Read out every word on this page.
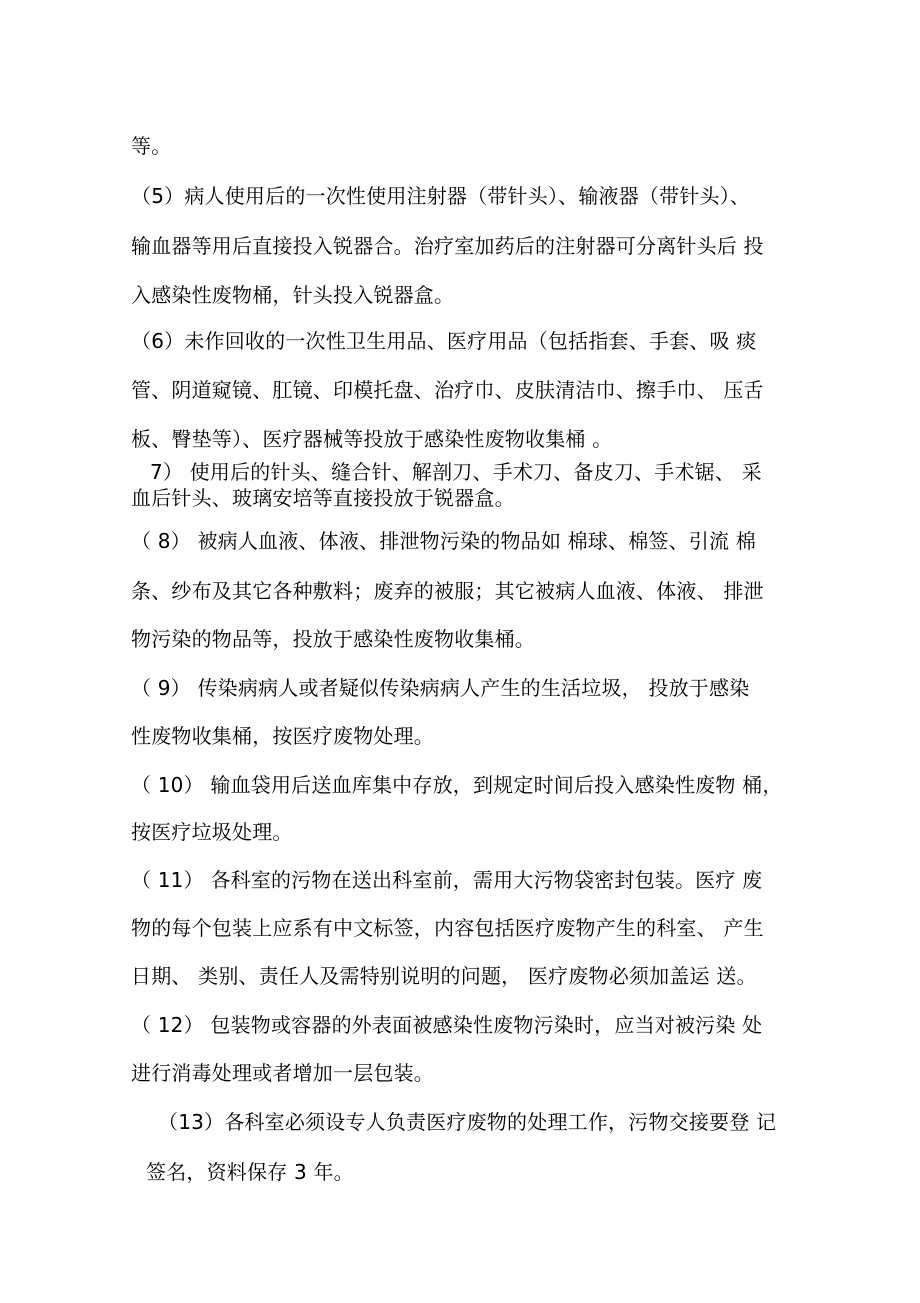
等。
（5）病人使用后的一次性使用注射器（带针头）、输液器（带针头）、
输血器等用后直接投入锐器合。治疗室加药后的注射器可分离针头后 投
入感染性废物桶，针头投入锐器盒。
（6）未作回收的一次性卫生用品、医疗用品（包括指套、手套、吸 痰
管、阴道窥镜、肛镜、印模托盘、治疗巾、皮肤清洁巾、擦手巾、 压舌
板、臀垫等）、医疗器械等投放于感染性废物收集桶 。
7） 使用后的针头、缝合针、解剖刀、手术刀、备皮刀、手术锯、 采
血后针头、玻璃安培等直接投放于锐器盒。
（ 8） 被病人血液、体液、排泄物污染的物品如 棉球、棉签、引流 棉
条、纱布及其它各种敷料；废弃的被服；其它被病人血液、体液、 排泄
物污染的物品等，投放于感染性废物收集桶。
（ 9） 传染病病人或者疑似传染病病人产生的生活垃圾， 投放于感染
性废物收集桶，按医疗废物处理。
（ 10） 输血袋用后送血库集中存放，到规定时间后投入感染性废物 桶，
按医疗垃圾处理。
（ 11） 各科室的污物在送出科室前，需用大污物袋密封包装。医疗 废
物的每个包装上应系有中文标签，内容包括医疗废物产生的科室、 产生
日期、 类别、责任人及需特别说明的问题， 医疗废物必须加盖运 送。
（ 12） 包装物或容器的外表面被感染性废物污染时，应当对被污染 处
进行消毒处理或者增加一层包装。
（13）各科室必须设专人负责医疗废物的处理工作，污物交接要登 记
签名，资料保存 3 年。
